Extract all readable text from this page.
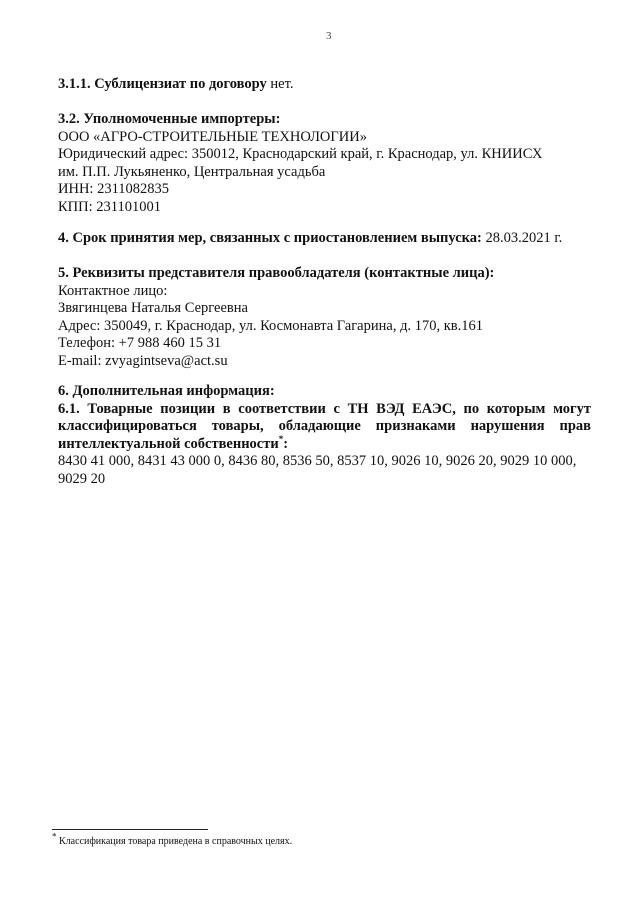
3
3.1.1. Сублицензиат по договору нет.
3.2. Уполномоченные импортеры:
ООО «АГРО-СТРОИТЕЛЬНЫЕ ТЕХНОЛОГИИ»
Юридический адрес: 350012, Краснодарский край, г. Краснодар, ул. КНИИСХ
им. П.П. Лукьяненко, Центральная усадьба
ИНН: 2311082835
КПП: 231101001
4. Срок принятия мер, связанных с приостановлением выпуска: 28.03.2021 г.
5. Реквизиты представителя правообладателя (контактные лица):
Контактное лицо:
Звягинцева Наталья Сергеевна
Адрес: 350049, г. Краснодар, ул. Космонавта Гагарина, д. 170, кв.161
Телефон: +7 988 460 15 31
E-mail: zvyagintseva@act.su
6. Дополнительная информация:
6.1. Товарные позиции в соответствии с ТН ВЭД ЕАЭС, по которым могут классифицироваться товары, обладающие признаками нарушения прав интеллектуальной собственности*:
8430 41 000, 8431 43 000 0, 8436 80, 8536 50, 8537 10, 9026 10, 9026 20, 9029 10 000, 9029 20
* Классификация товара приведена в справочных целях.
